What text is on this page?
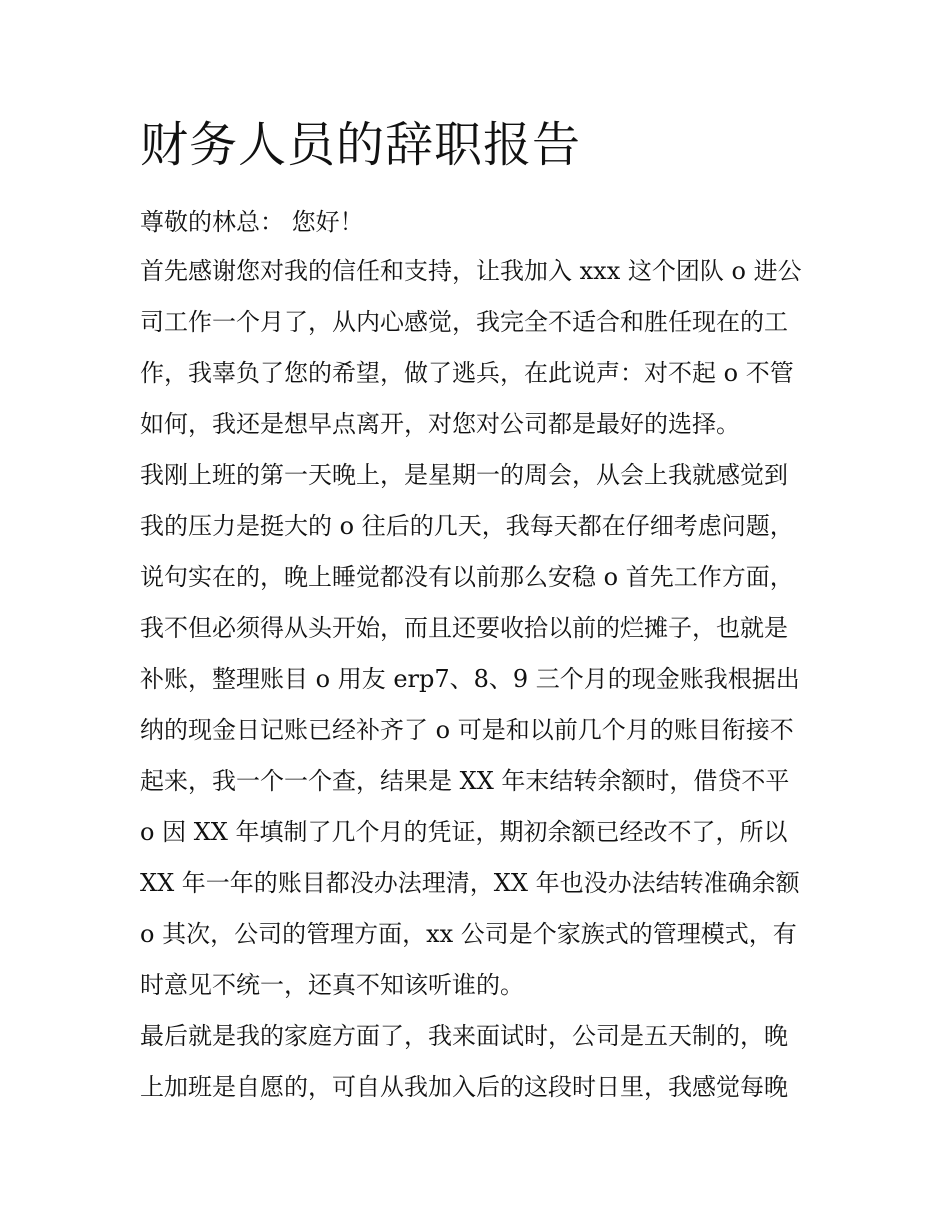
财务人员的辞职报告

尊敬的林总： 您好！

首先感谢您对我的信任和支持，让我加入 xxx 这个团队 o 进公
司工作一个月了，从内心感觉，我完全不适合和胜任现在的工
作，我辜负了您的希望，做了逃兵，在此说声：对不起 o 不管
如何，我还是想早点离开，对您对公司都是最好的选择。
我刚上班的第一天晚上，是星期一的周会，从会上我就感觉到
我的压力是挺大的 o 往后的几天，我每天都在仔细考虑问题，
说句实在的，晚上睡觉都没有以前那么安稳 o 首先工作方面，
我不但必须得从头开始，而且还要收拾以前的烂摊子，也就是
补账，整理账目 o 用友 erp7、8、9 三个月的现金账我根据出
纳的现金日记账已经补齐了 o 可是和以前几个月的账目衔接不
起来，我一个一个查，结果是 XX 年末结转余额时，借贷不平
o 因 XX 年填制了几个月的凭证，期初余额已经改不了，所以
XX 年一年的账目都没办法理清，XX 年也没办法结转准确余额
o 其次，公司的管理方面，xx 公司是个家族式的管理模式，有
时意见不统一，还真不知该听谁的。
最后就是我的家庭方面了，我来面试时，公司是五天制的，晚
上加班是自愿的，可自从我加入后的这段时日里，我感觉每晚
